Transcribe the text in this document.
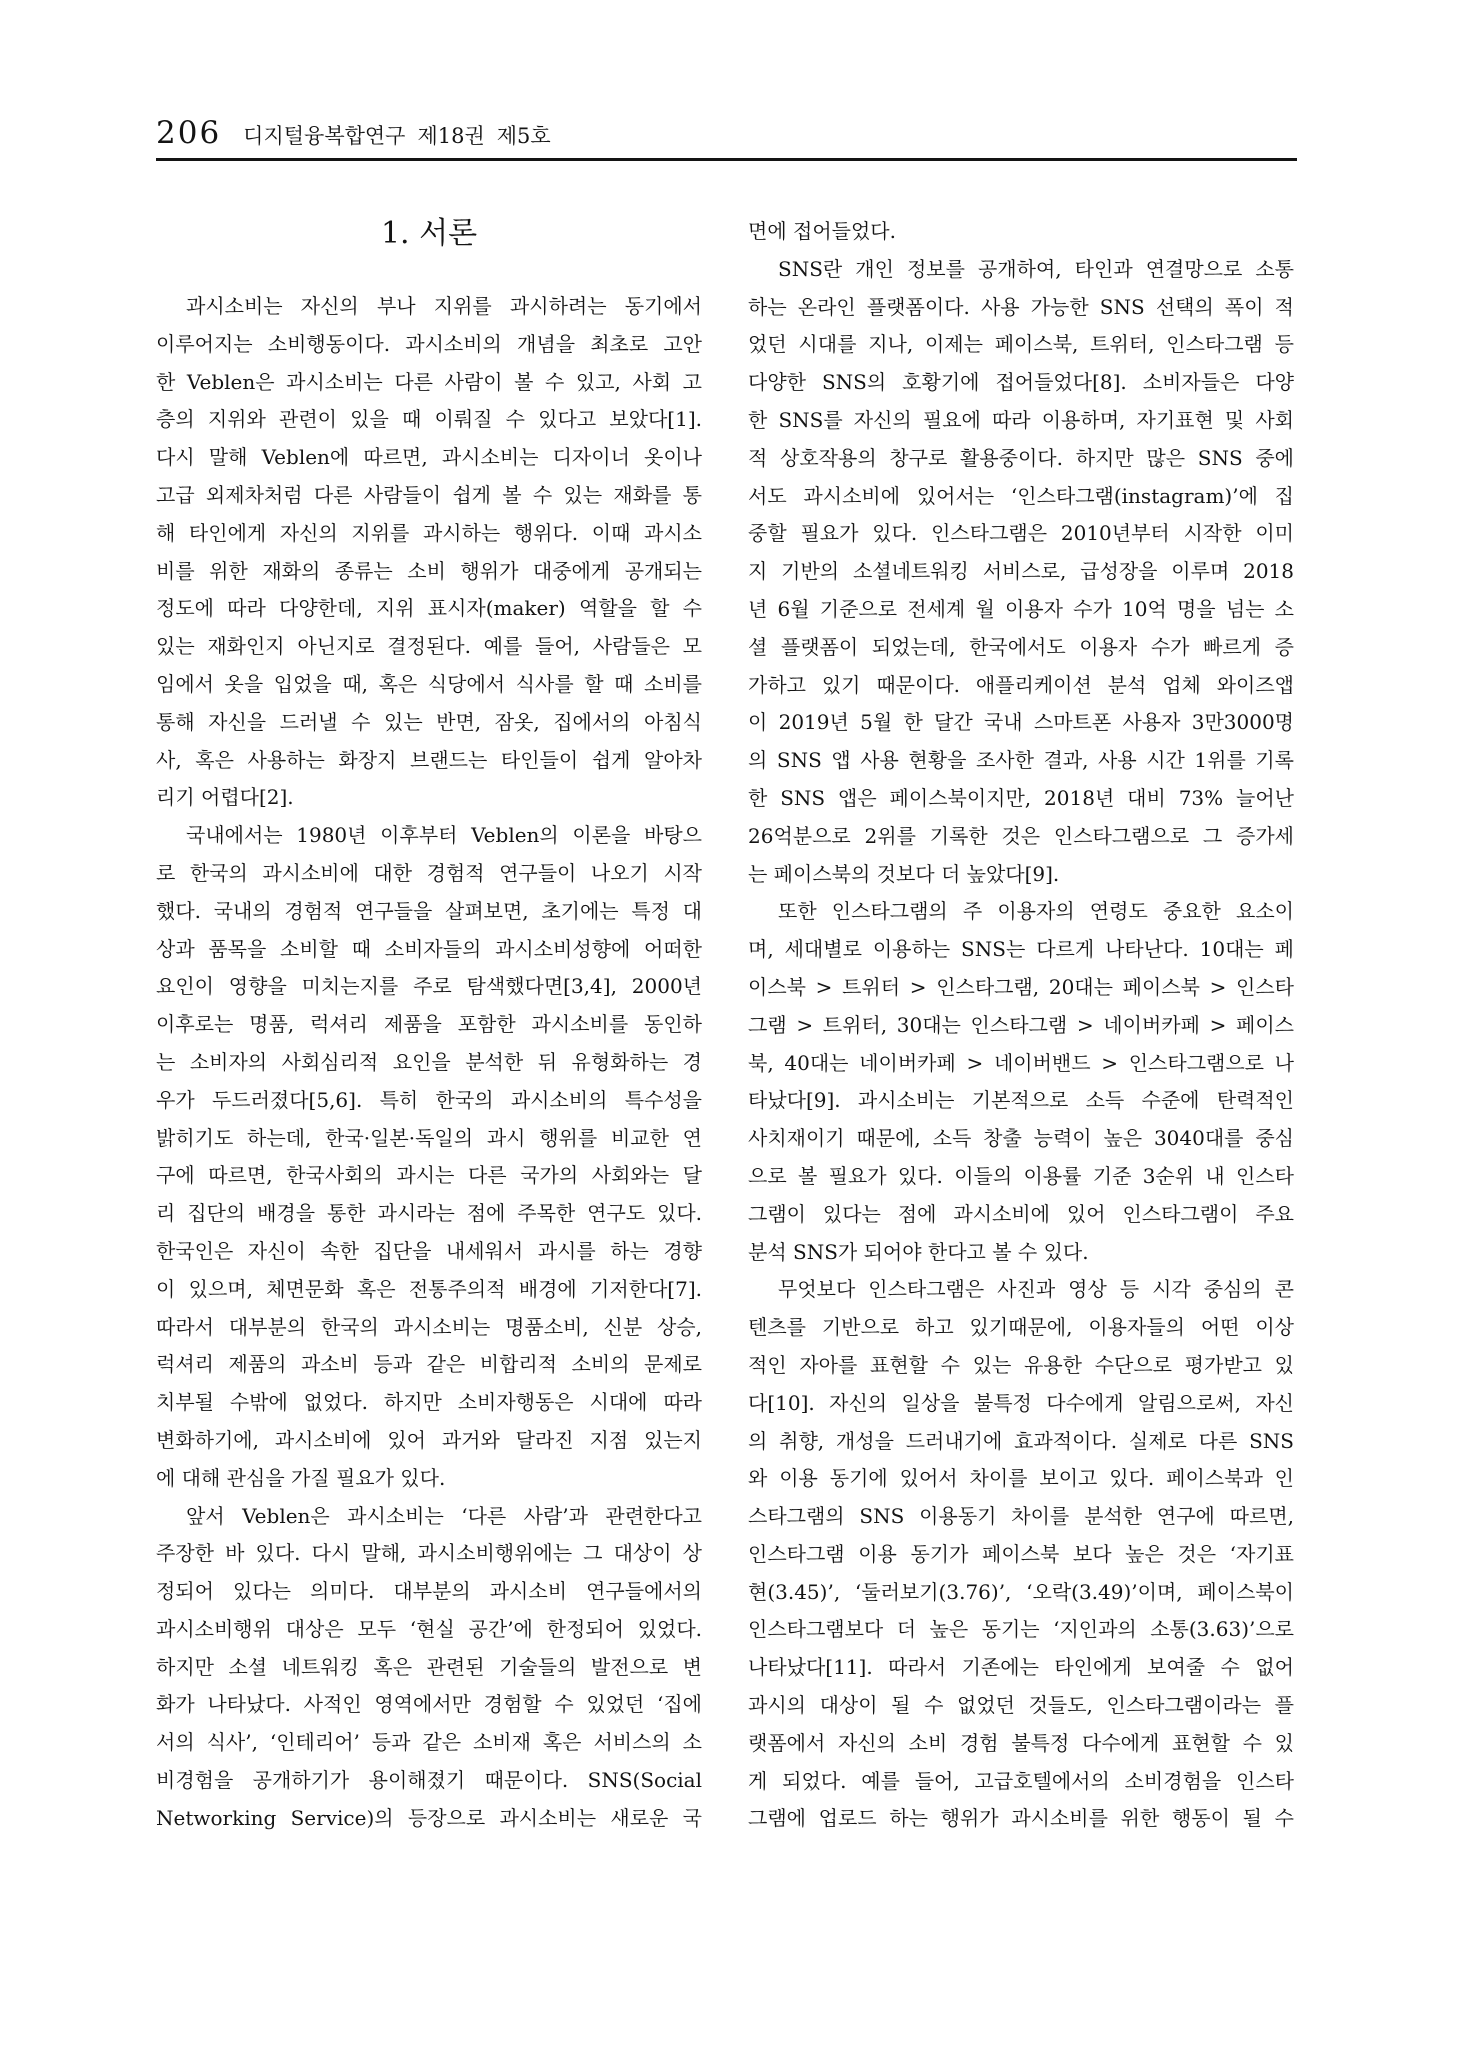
206 디지털융복합연구 제18권 제5호
1. 서론
과시소비는 자신의 부나 지위를 과시하려는 동기에서
이루어지는 소비행동이다. 과시소비의 개념을 최초로 고안
한 Veblen은 과시소비는 다른 사람이 볼 수 있고, 사회 고
층의 지위와 관련이 있을 때 이뤄질 수 있다고 보았다[1].
다시 말해 Veblen에 따르면, 과시소비는 디자이너 옷이나
고급 외제차처럼 다른 사람들이 쉽게 볼 수 있는 재화를 통
해 타인에게 자신의 지위를 과시하는 행위다. 이때 과시소
비를 위한 재화의 종류는 소비 행위가 대중에게 공개되는
정도에 따라 다양한데, 지위 표시자(maker) 역할을 할 수
있는 재화인지 아닌지로 결정된다. 예를 들어, 사람들은 모
임에서 옷을 입었을 때, 혹은 식당에서 식사를 할 때 소비를
통해 자신을 드러낼 수 있는 반면, 잠옷, 집에서의 아침식
사, 혹은 사용하는 화장지 브랜드는 타인들이 쉽게 알아차
리기 어렵다[2].
국내에서는 1980년 이후부터 Veblen의 이론을 바탕으
로 한국의 과시소비에 대한 경험적 연구들이 나오기 시작
했다. 국내의 경험적 연구들을 살펴보면, 초기에는 특정 대
상과 품목을 소비할 때 소비자들의 과시소비성향에 어떠한
요인이 영향을 미치는지를 주로 탐색했다면[3,4], 2000년
이후로는 명품, 럭셔리 제품을 포함한 과시소비를 동인하
는 소비자의 사회심리적 요인을 분석한 뒤 유형화하는 경
우가 두드러졌다[5,6]. 특히 한국의 과시소비의 특수성을
밝히기도 하는데, 한국·일본·독일의 과시 행위를 비교한 연
구에 따르면, 한국사회의 과시는 다른 국가의 사회와는 달
리 집단의 배경을 통한 과시라는 점에 주목한 연구도 있다.
한국인은 자신이 속한 집단을 내세워서 과시를 하는 경향
이 있으며, 체면문화 혹은 전통주의적 배경에 기저한다[7].
따라서 대부분의 한국의 과시소비는 명품소비, 신분 상승,
럭셔리 제품의 과소비 등과 같은 비합리적 소비의 문제로
치부될 수밖에 없었다. 하지만 소비자행동은 시대에 따라
변화하기에, 과시소비에 있어 과거와 달라진 지점 있는지
에 대해 관심을 가질 필요가 있다.
앞서 Veblen은 과시소비는 ‘다른 사람’과 관련한다고
주장한 바 있다. 다시 말해, 과시소비행위에는 그 대상이 상
정되어 있다는 의미다. 대부분의 과시소비 연구들에서의
과시소비행위 대상은 모두 ‘현실 공간’에 한정되어 있었다.
하지만 소셜 네트워킹 혹은 관련된 기술들의 발전으로 변
화가 나타났다. 사적인 영역에서만 경험할 수 있었던 ‘집에
서의 식사’, ‘인테리어’ 등과 같은 소비재 혹은 서비스의 소
비경험을 공개하기가 용이해졌기 때문이다. SNS(Social
Networking Service)의 등장으로 과시소비는 새로운 국
면에 접어들었다.
SNS란 개인 정보를 공개하여, 타인과 연결망으로 소통
하는 온라인 플랫폼이다. 사용 가능한 SNS 선택의 폭이 적
었던 시대를 지나, 이제는 페이스북, 트위터, 인스타그램 등
다양한 SNS의 호황기에 접어들었다[8]. 소비자들은 다양
한 SNS를 자신의 필요에 따라 이용하며, 자기표현 및 사회
적 상호작용의 창구로 활용중이다. 하지만 많은 SNS 중에
서도 과시소비에 있어서는 ‘인스타그램(instagram)’에 집
중할 필요가 있다. 인스타그램은 2010년부터 시작한 이미
지 기반의 소셜네트워킹 서비스로, 급성장을 이루며 2018
년 6월 기준으로 전세계 월 이용자 수가 10억 명을 넘는 소
셜 플랫폼이 되었는데, 한국에서도 이용자 수가 빠르게 증
가하고 있기 때문이다. 애플리케이션 분석 업체 와이즈앱
이 2019년 5월 한 달간 국내 스마트폰 사용자 3만3000명
의 SNS 앱 사용 현황을 조사한 결과, 사용 시간 1위를 기록
한 SNS 앱은 페이스북이지만, 2018년 대비 73% 늘어난
26억분으로 2위를 기록한 것은 인스타그램으로 그 증가세
는 페이스북의 것보다 더 높았다[9].
또한 인스타그램의 주 이용자의 연령도 중요한 요소이
며, 세대별로 이용하는 SNS는 다르게 나타난다. 10대는 페
이스북 > 트위터 > 인스타그램, 20대는 페이스북 > 인스타
그램 > 트위터, 30대는 인스타그램 > 네이버카페 > 페이스
북, 40대는 네이버카페 > 네이버밴드 > 인스타그램으로 나
타났다[9]. 과시소비는 기본적으로 소득 수준에 탄력적인
사치재이기 때문에, 소득 창출 능력이 높은 3040대를 중심
으로 볼 필요가 있다. 이들의 이용률 기준 3순위 내 인스타
그램이 있다는 점에 과시소비에 있어 인스타그램이 주요
분석 SNS가 되어야 한다고 볼 수 있다.
무엇보다 인스타그램은 사진과 영상 등 시각 중심의 콘
텐츠를 기반으로 하고 있기때문에, 이용자들의 어떤 이상
적인 자아를 표현할 수 있는 유용한 수단으로 평가받고 있
다[10]. 자신의 일상을 불특정 다수에게 알림으로써, 자신
의 취향, 개성을 드러내기에 효과적이다. 실제로 다른 SNS
와 이용 동기에 있어서 차이를 보이고 있다. 페이스북과 인
스타그램의 SNS 이용동기 차이를 분석한 연구에 따르면,
인스타그램 이용 동기가 페이스북 보다 높은 것은 ‘자기표
현(3.45)’, ‘둘러보기(3.76)’, ‘오락(3.49)’이며, 페이스북이
인스타그램보다 더 높은 동기는 ‘지인과의 소통(3.63)’으로
나타났다[11]. 따라서 기존에는 타인에게 보여줄 수 없어
과시의 대상이 될 수 없었던 것들도, 인스타그램이라는 플
랫폼에서 자신의 소비 경험 불특정 다수에게 표현할 수 있
게 되었다. 예를 들어, 고급호텔에서의 소비경험을 인스타
그램에 업로드 하는 행위가 과시소비를 위한 행동이 될 수
